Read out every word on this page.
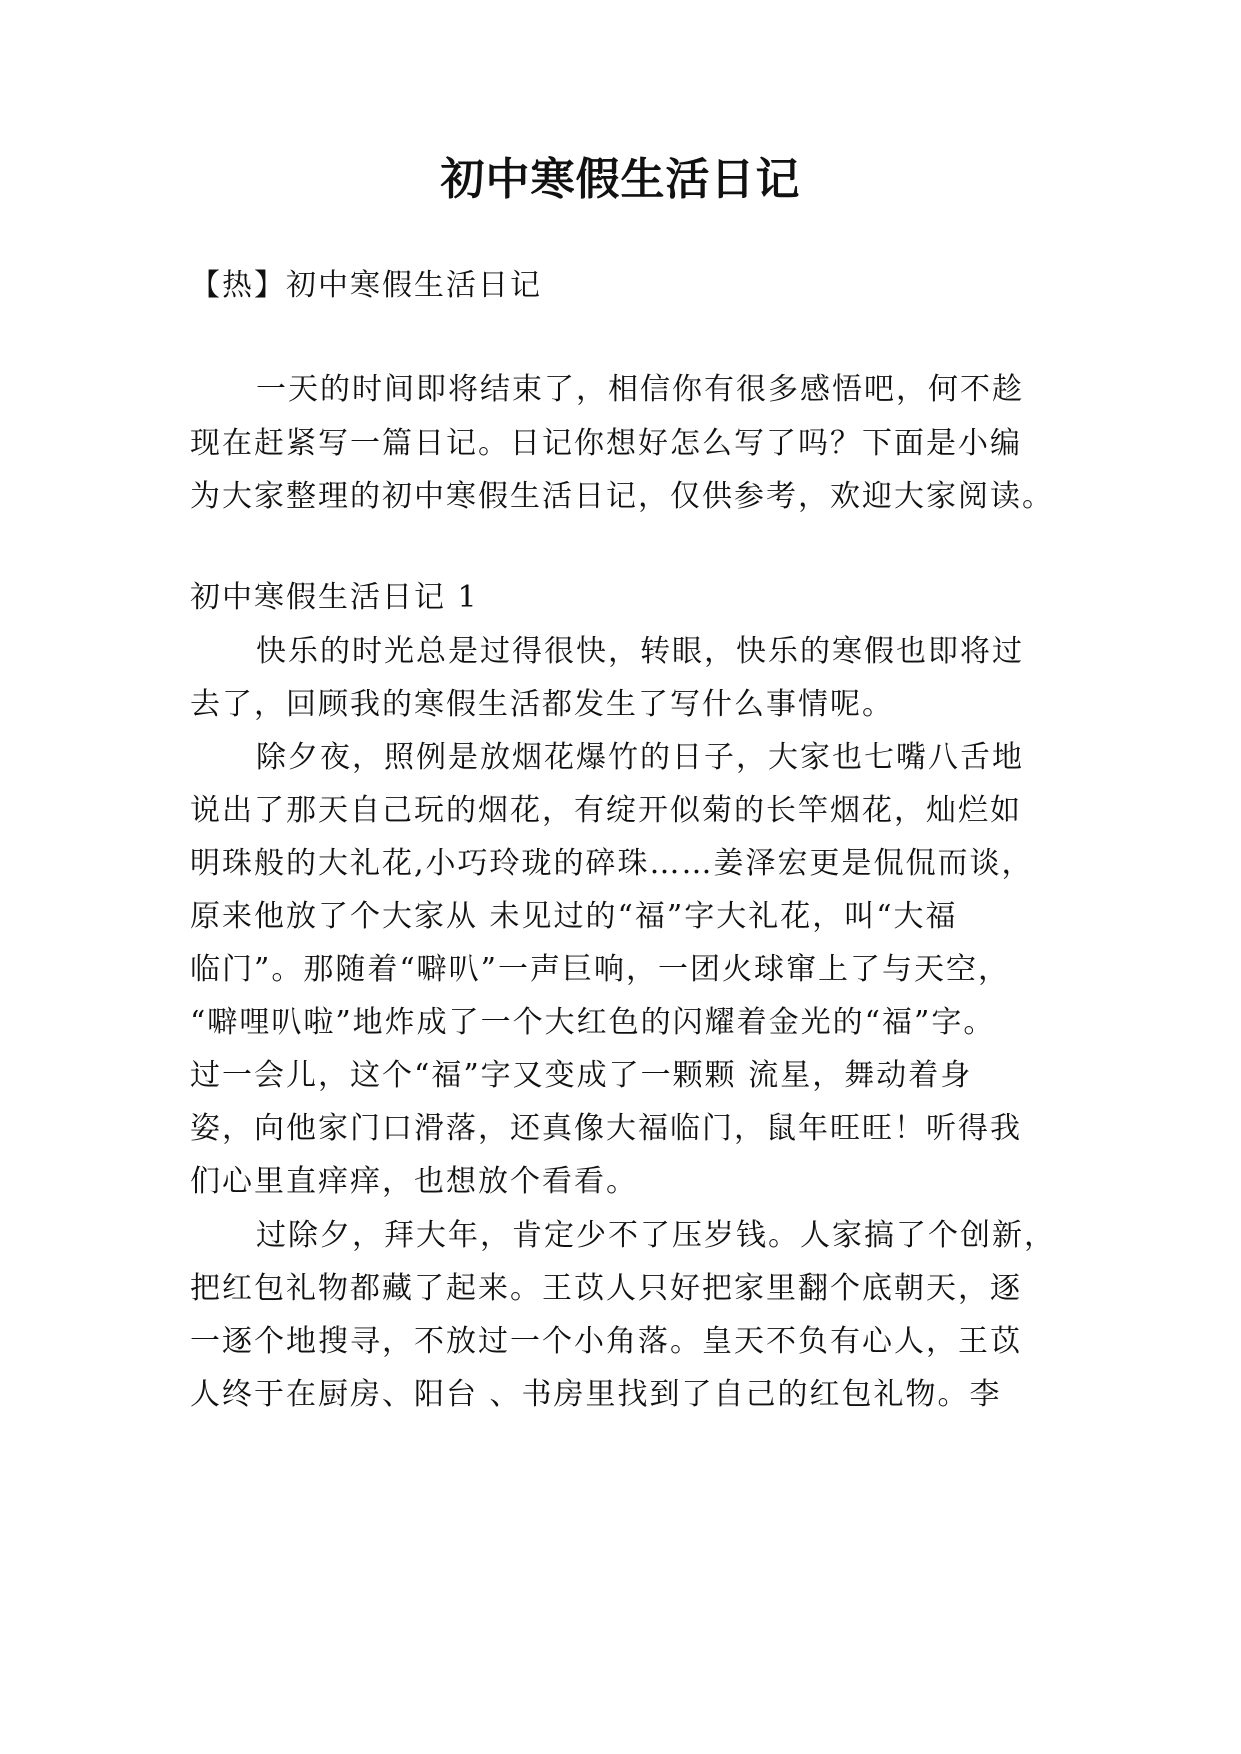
初中寒假生活日记

【热】初中寒假生活日记

一天的时间即将结束了，相信你有很多感悟吧，何不趁

现在赶紧写一篇日记。日记你想好怎么写了吗？下面是小编

为大家整理的初中寒假生活日记，仅供参考，欢迎大家阅读。

初中寒假生活日记 1

快乐的时光总是过得很快，转眼，快乐的寒假也即将过

去了，回顾我的寒假生活都发生了写什么事情呢。

除夕夜，照例是放烟花爆竹的日子，大家也七嘴八舌地

说出了那天自己玩的烟花，有绽开似菊的长竿烟花，灿烂如

明珠般的大礼花,小巧玲珑的碎珠……姜泽宏更是侃侃而谈，

原来他放了个大家从 未见过的“福”字大礼花，叫“大福

临门”。那随着“噼叭”一声巨响，一团火球窜上了与天空，

“噼哩叭啦”地炸成了一个大红色的闪耀着金光的“福”字。

过一会儿，这个“福”字又变成了一颗颗 流星，舞动着身

姿，向他家门口滑落，还真像大福临门，鼠年旺旺！听得我

们心里直痒痒，也想放个看看。

过除夕，拜大年，肯定少不了压岁钱。人家搞了个创新，

把红包礼物都藏了起来。王苡人只好把家里翻个底朝天，逐

一逐个地搜寻，不放过一个小角落。皇天不负有心人，王苡

人终于在厨房、阳台 、书房里找到了自己的红包礼物。李
